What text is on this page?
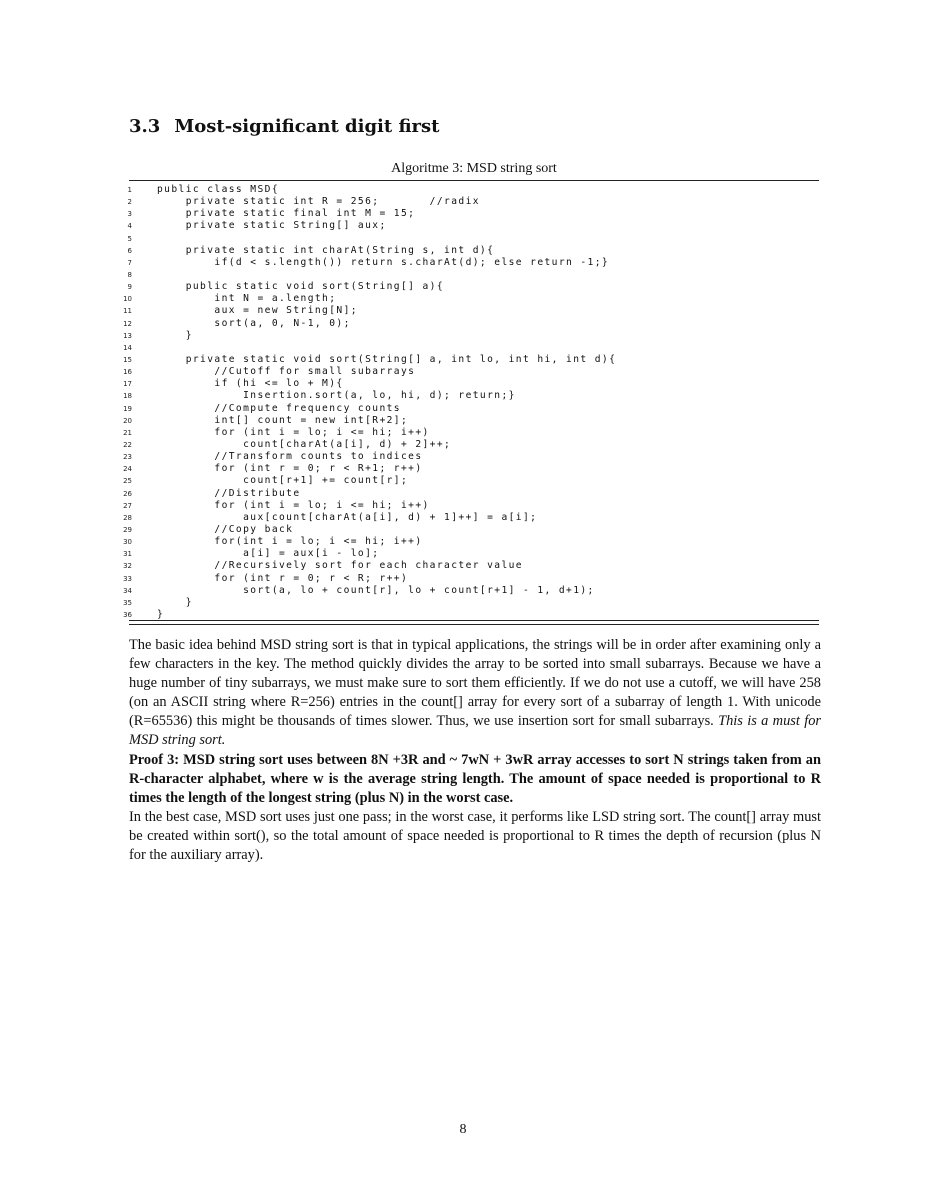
3.3 Most-significant digit first
Algoritme 3: MSD string sort
1	public class MSD{
2	private static int R = 256;       //radix
3	private static final int M = 15;
4	private static String[] aux;
5
6	private static int charAt(String s, int d){
7	if(d < s.length()) return s.charAt(d); else return -1;}
8
9	public static void sort(String[] a){
10	int N = a.length;
11	aux = new String[N];
12	sort(a, 0, N-1, 0);
13	}
14
15	private static void sort(String[] a, int lo, int hi, int d){
16	//Cutoff for small subarrays
17	if (hi <= lo + M){
18	Insertion.sort(a, lo, hi, d); return;}
19	//Compute frequency counts
20	int[] count = new int[R+2];
21	for (int i = lo; i <= hi; i++)
22	count[charAt(a[i], d) + 2]++;
23	//Transform counts to indices
24	for (int r = 0; r < R+1; r++)
25	count[r+1] += count[r];
26	//Distribute
27	for (int i = lo; i <= hi; i++)
28	aux[count[charAt(a[i], d) + 1]++] = a[i];
29	//Copy back
30	for(int i = lo; i <= hi; i++)
31	a[i] = aux[i - lo];
32	//Recursively sort for each character value
33	for (int r = 0; r < R; r++)
34	sort(a, lo + count[r], lo + count[r+1] - 1, d+1);
35	}
36	}

The basic idea behind MSD string sort is that in typical applications, the strings will be in order after examining only a few characters in the key. The method quickly divides the array to be sorted into small subarrays. Because we have a huge number of tiny subarrays, we must make sure to sort them efficiently. If we do not use a cutoff, we will have 258 (on an ASCII string where R=256) entries in the count[] array for every sort of a subarray of length 1. With unicode (R=65536) this might be thousands of times slower. Thus, we use insertion sort for small subarrays. This is a must for MSD string sort.

Proof 3: MSD string sort uses between 8N +3R and ~ 7wN + 3wR array accesses to sort N strings taken from an R-character alphabet, where w is the average string length. The amount of space needed is proportional to R times the length of the longest string (plus N) in the worst case.

In the best case, MSD sort uses just one pass; in the worst case, it performs like LSD string sort. The count[] array must be created within sort(), so the total amount of space needed is proportional to R times the depth of recursion (plus N for the auxiliary array).

8
